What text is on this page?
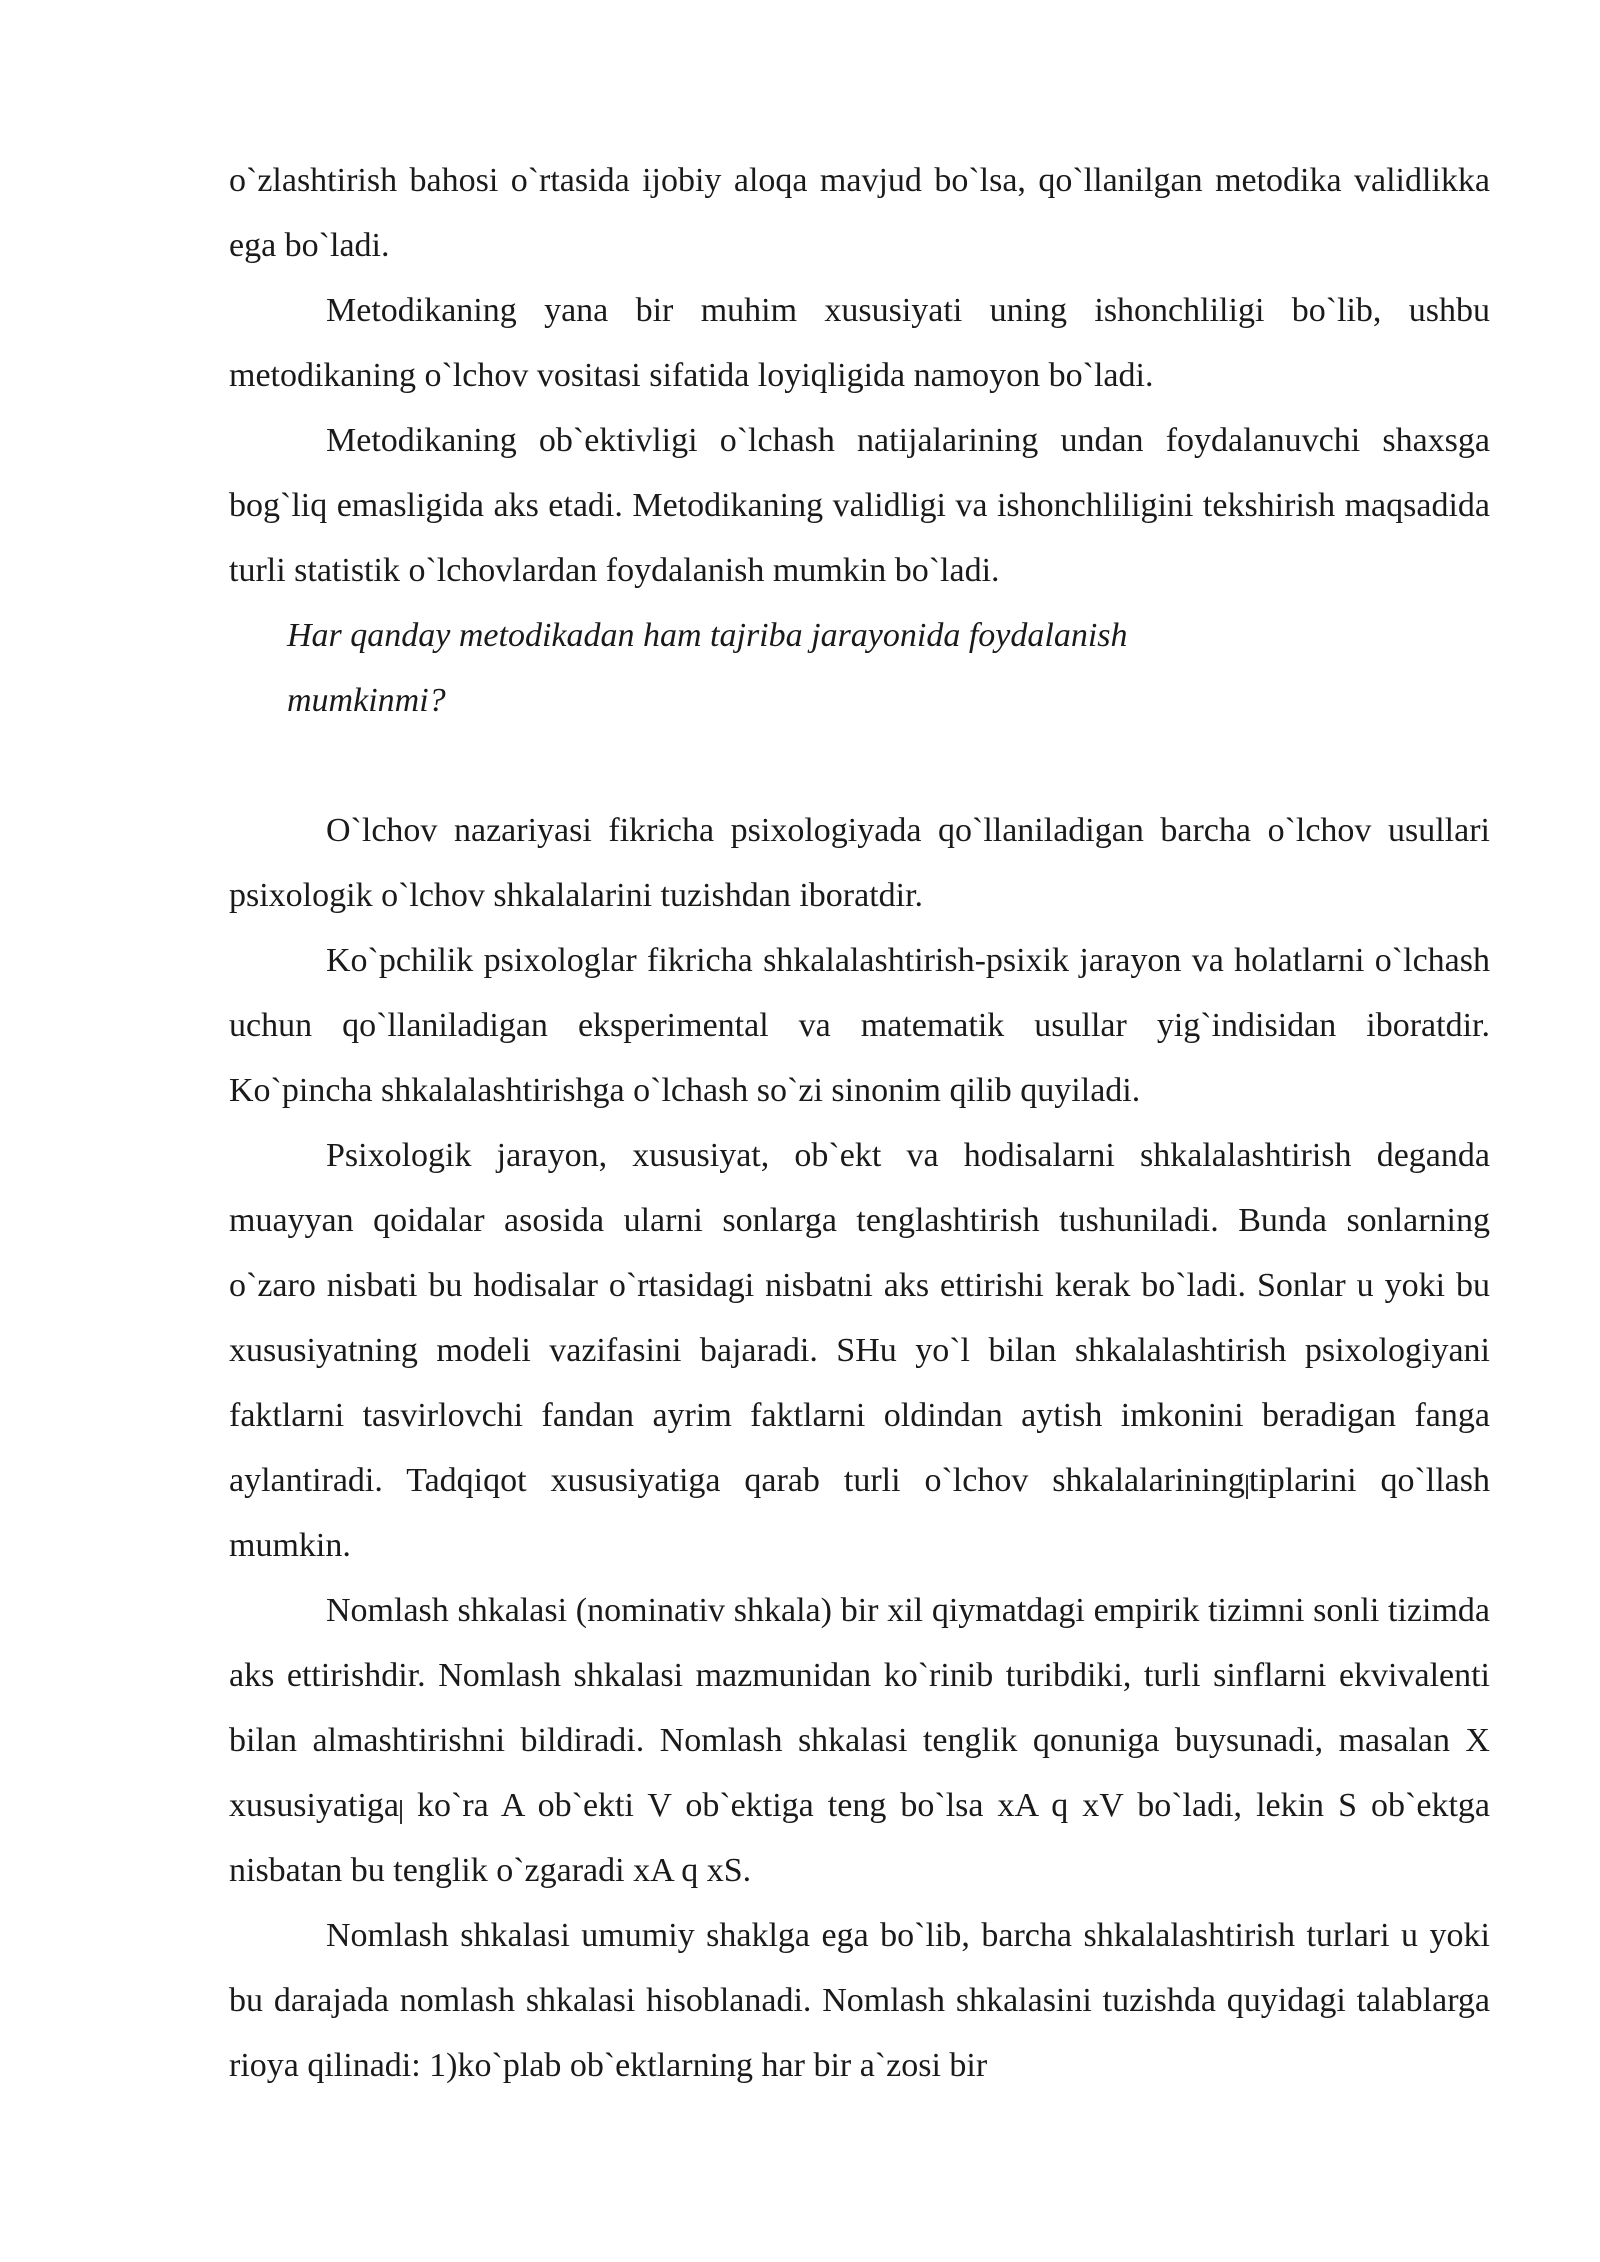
o`zlashtirish bahosi o`rtasida ijobiy aloqa mavjud bo`lsa, qo`llanilgan metodika validlikka ega bo`ladi.

Metodikaning yana bir muhim xususiyati uning ishonchliligi bo`lib, ushbu metodikaning o`lchov vositasi sifatida loyiqligida namoyon bo`ladi.

Metodikaning ob`ektivligi o`lchash natijalarining undan foydalanuvchi shaxsga bog`liq emasligida aks etadi. Metodikaning validligi va ishonchliligini tekshirish maqsadida turli statistik o`lchovlardan foydalanish mumkin bo`ladi.

Har qanday metodikadan ham tajriba jarayonida foydalanish mumkinmi?

O`lchov nazariyasi fikricha psixologiyada qo`llaniladigan barcha o`lchov usullari psixologik o`lchov shkalalarini tuzishdan iboratdir.

Ko`pchilik psixologlar fikricha shkalalashtirish-psixik jarayon va holatlarni o`lchash uchun qo`llaniladigan eksperimental va matematik usullar yig`indisidan iboratdir. Ko`pincha shkalalashtirishga o`lchash so`zi sinonim qilib quyiladi.

Psixologik jarayon, xususiyat, ob`ekt va hodisalarni shkalalashtirish deganda muayyan qoidalar asosida ularni sonlarga tenglashtirish tushuniladi. Bunda sonlarning o`zaro nisbati bu hodisalar o`rtasidagi nisbatni aks ettirishi kerak bo`ladi. Sonlar u yoki bu xususiyatning modeli vazifasini bajaradi. SHu yo`l bilan shkalalashtirish psixologiyani faktlarni tasvirlovchi fandan ayrim faktlarni oldindan aytish imkonini beradigan fanga aylantiradi. Tadqiqot xususiyatiga qarab turli o`lchov shkalalarining tiplarini qo`llash mumkin.

Nomlash shkalasi (nominativ shkala) bir xil qiymatdagi empirik tizimni sonli tizimda aks ettirishdir. Nomlash shkalasi mazmunidan ko`rinib turibdiki, turli sinflarni ekvivalenti bilan almashtirishni bildiradi. Nomlash shkalasi tenglik qonuniga buysunadi, masalan X xususiyatiga ko`ra A ob`ekti V ob`ektiga teng bo`lsa xA q xV bo`ladi, lekin S ob`ektga nisbatan bu tenglik o`zgaradi xA q xS.

Nomlash shkalasi umumiy shaklga ega bo`lib, barcha shkalalashtirish turlari u yoki bu darajada nomlash shkalasi hisoblanadi. Nomlash shkalasini tuzishda quyidagi talablarga rioya qilinadi: 1)ko`plab ob`ektlarning har bir a`zosi bir
